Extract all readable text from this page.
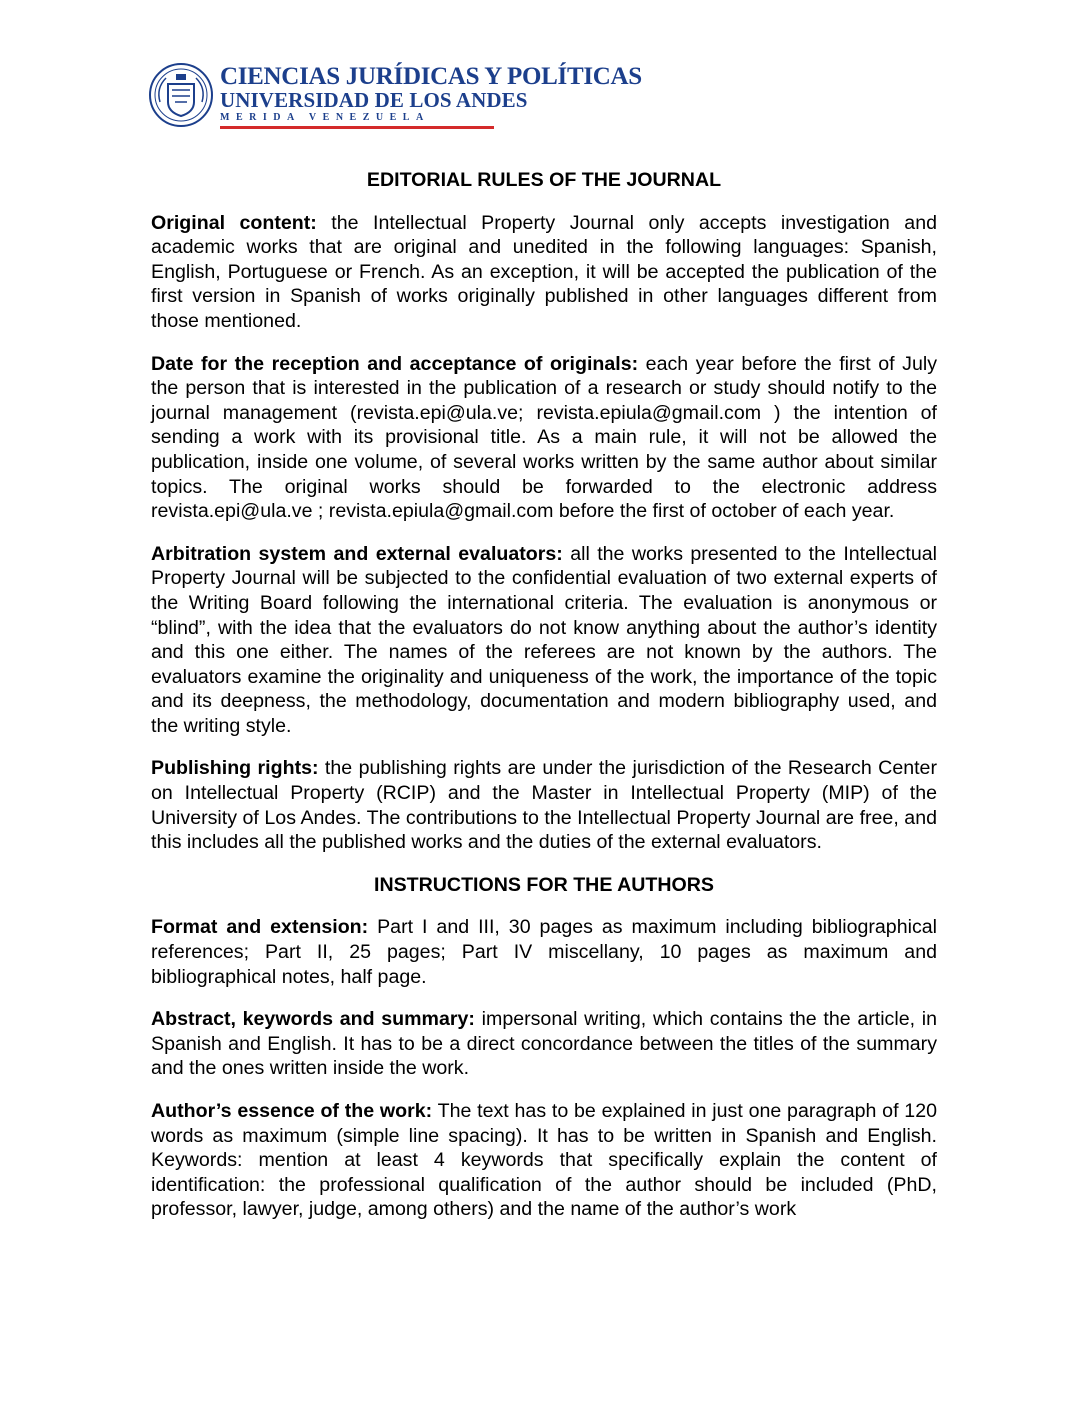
CIENCIAS JURÍDICAS Y POLÍTICAS
UNIVERSIDAD DE LOS ANDES
MERIDA VENEZUELA
EDITORIAL RULES OF THE JOURNAL

Original content: the Intellectual Property Journal only accepts investigation and academic works that are original and unedited in the following languages: Spanish, English, Portuguese or French. As an exception, it will be accepted the publication of the first version in Spanish of works originally published in other languages different from those mentioned.

Date for the reception and acceptance of originals: each year before the first of July the person that is interested in the publication of a research or study should notify to the journal management (revista.epi@ula.ve; revista.epiula@gmail.com ) the intention of sending a work with its provisional title. As a main rule, it will not be allowed the publication, inside one volume, of several works written by the same author about similar topics. The original works should be forwarded to the electronic address revista.epi@ula.ve ; revista.epiula@gmail.com before the first of october of each year.

Arbitration system and external evaluators: all the works presented to the Intellectual Property Journal will be subjected to the confidential evaluation of two external experts of the Writing Board following the international criteria. The evaluation is anonymous or “blind”, with the idea that the evaluators do not know anything about the author’s identity and this one either. The names of the referees are not known by the authors. The evaluators examine the originality and uniqueness of the work, the importance of the topic and its deepness, the methodology, documentation and modern bibliography used, and the writing style.

Publishing rights: the publishing rights are under the jurisdiction of the Research Center on Intellectual Property (RCIP) and the Master in Intellectual Property (MIP) of the University of Los Andes. The contributions to the Intellectual Property Journal are free, and this includes all the published works and the duties of the external evaluators.

INSTRUCTIONS FOR THE AUTHORS

Format and extension: Part I and III, 30 pages as maximum including bibliographical references; Part II, 25 pages; Part IV miscellany, 10 pages as maximum and bibliographical notes, half page.

Abstract, keywords and summary: impersonal writing, which contains the the article, in Spanish and English. It has to be a direct concordance between the titles of the summary and the ones written inside the work.

Author’s essence of the work: The text has to be explained in just one paragraph of 120 words as maximum (simple line spacing). It has to be written in Spanish and English. Keywords: mention at least 4 keywords that specifically explain the content of identification: the professional qualification of the author should be included (PhD, professor, lawyer, judge, among others) and the name of the author’s work
